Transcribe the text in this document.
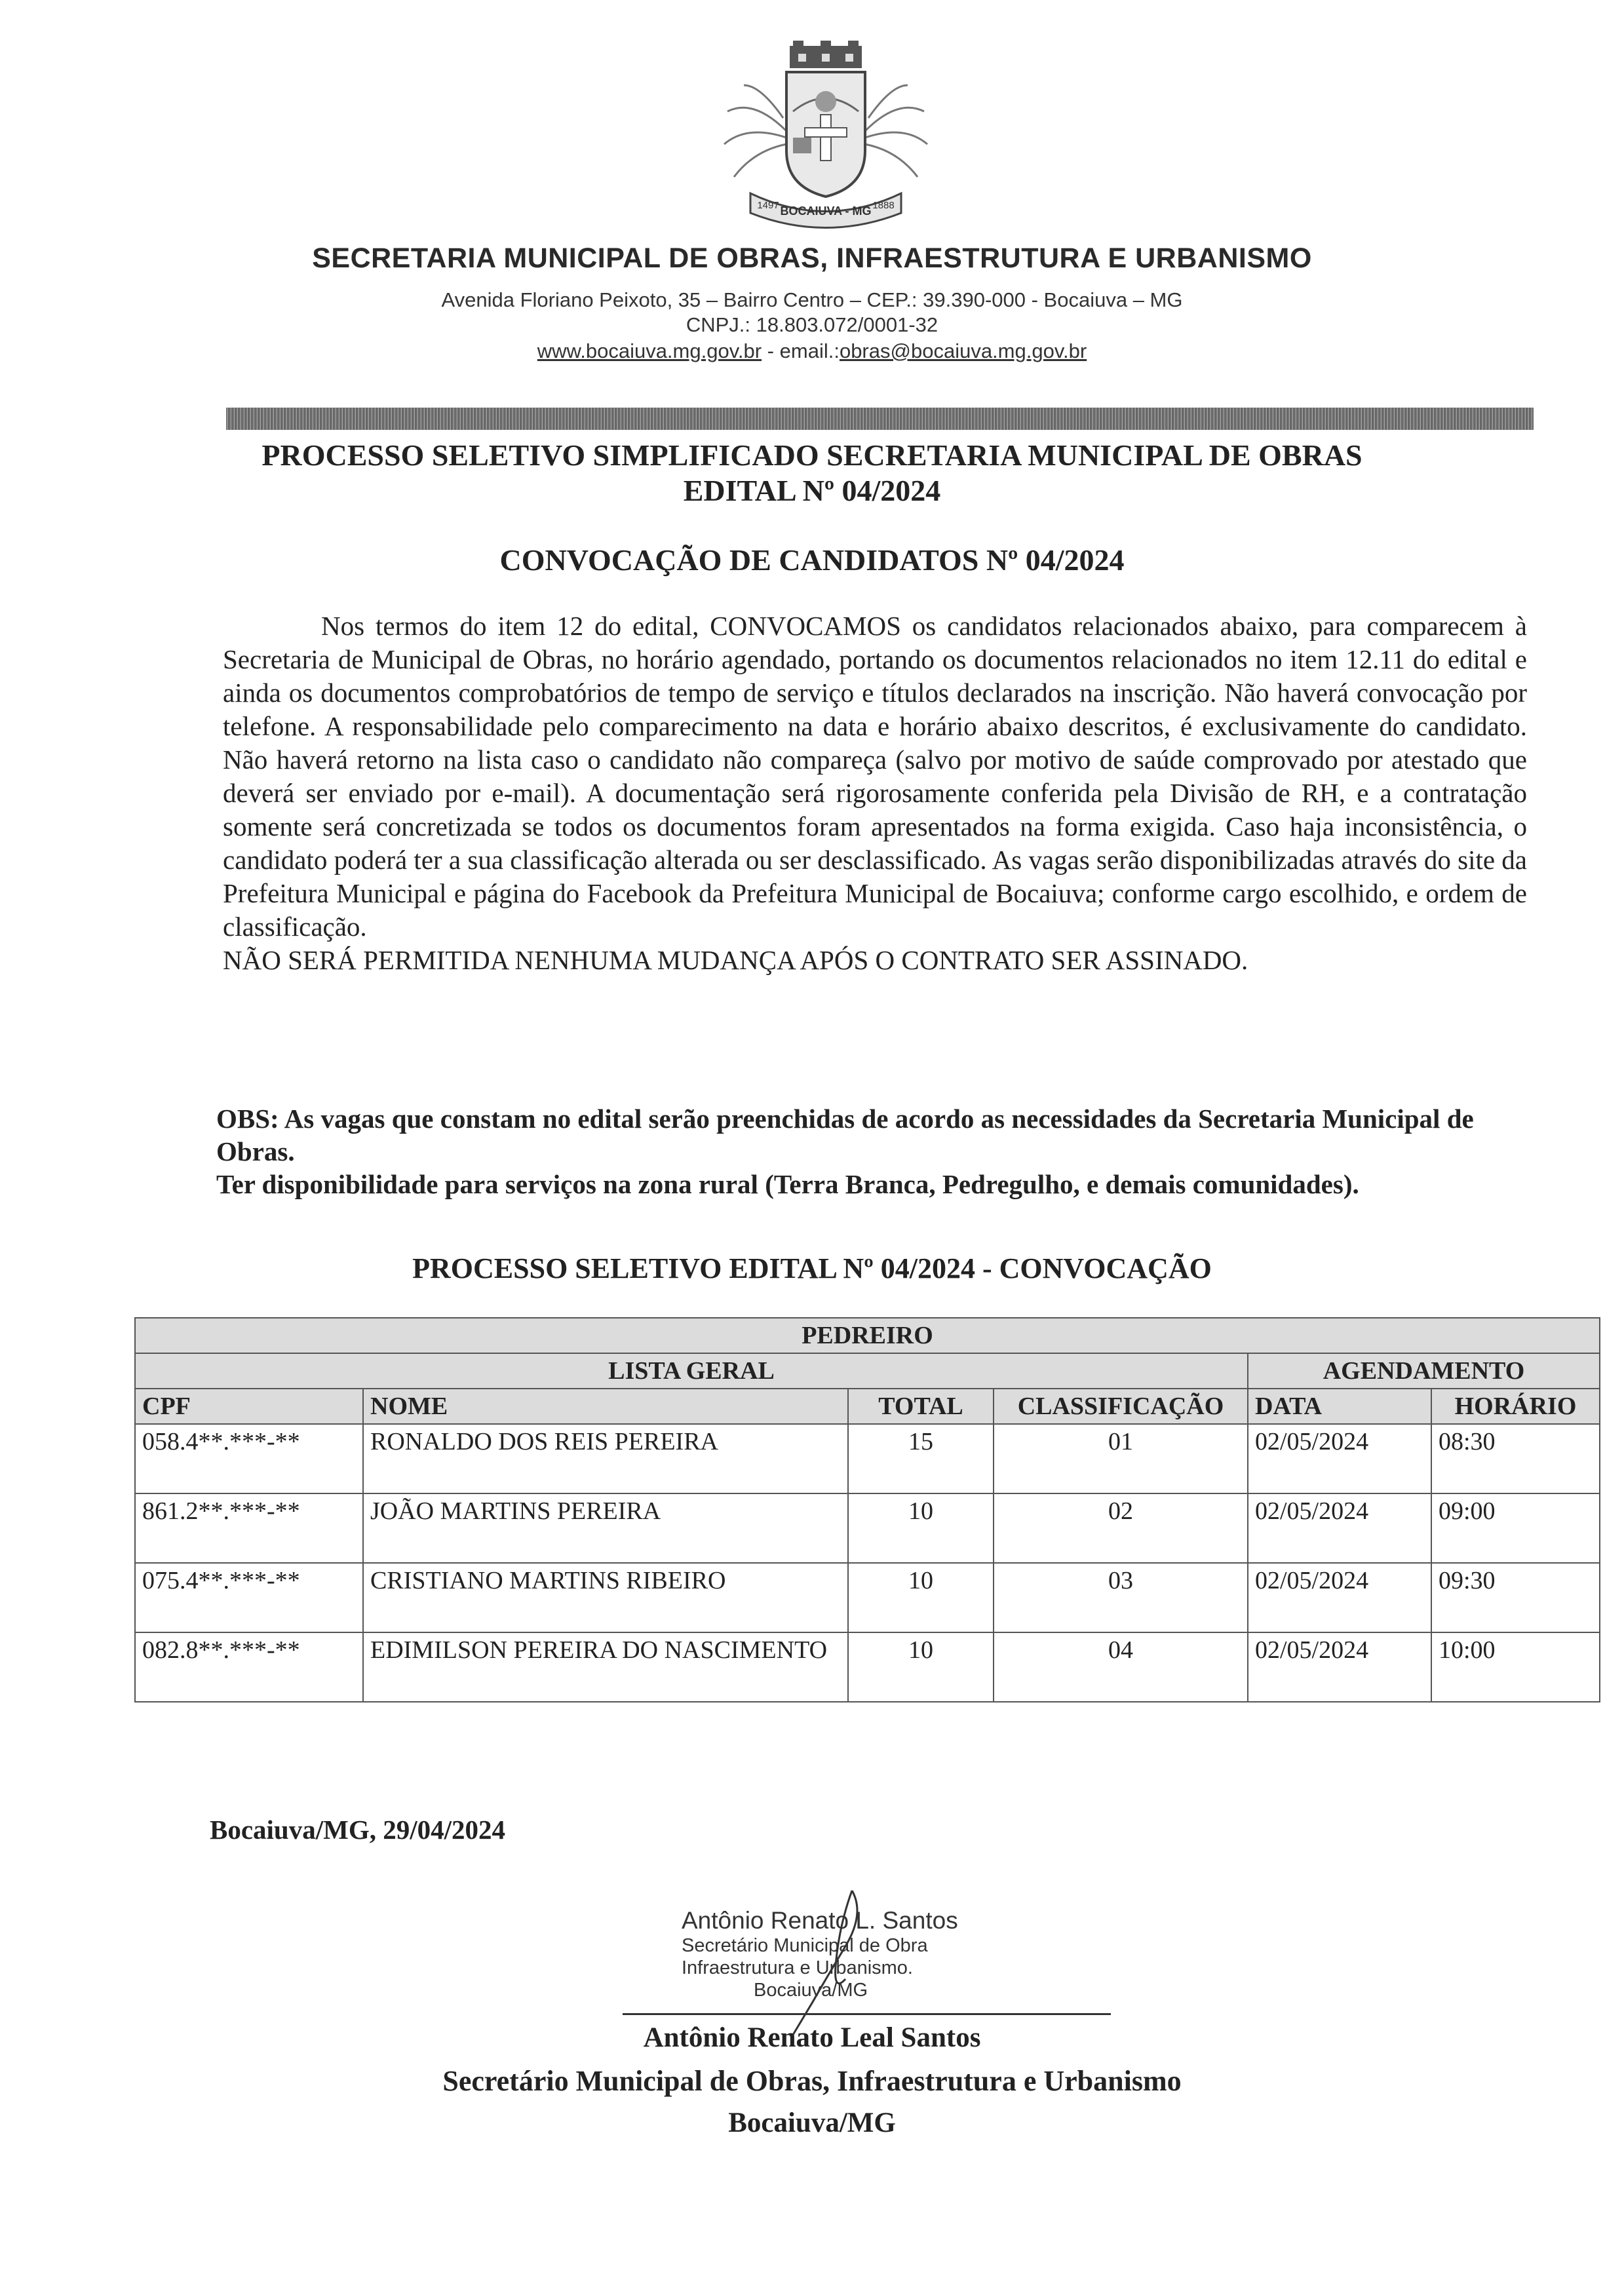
BOCAIUVA - MG
1497	1888
SECRETARIA MUNICIPAL DE OBRAS, INFRAESTRUTURA E URBANISMO
Avenida Floriano Peixoto, 35 – Bairro Centro – CEP.: 39.390-000 - Bocaiuva – MG
CNPJ.: 18.803.072/0001-32
www.bocaiuva.mg.gov.br - email.:obras@bocaiuva.mg.gov.br
PROCESSO SELETIVO SIMPLIFICADO SECRETARIA MUNICIPAL DE OBRAS
EDITAL Nº 04/2024
CONVOCAÇÃO DE CANDIDATOS Nº 04/2024

Nos termos do item 12 do edital, CONVOCAMOS os candidatos relacionados abaixo, para comparecem à Secretaria de Municipal de Obras, no horário agendado, portando os documentos relacionados no item 12.11 do edital e ainda os documentos comprobatórios de tempo de serviço e títulos declarados na inscrição. Não haverá convocação por telefone. A responsabilidade pelo comparecimento na data e horário abaixo descritos, é exclusivamente do candidato. Não haverá retorno na lista caso o candidato não compareça (salvo por motivo de saúde comprovado por atestado que deverá ser enviado por e-mail). A documentação será rigorosamente conferida pela Divisão de RH, e a contratação somente será concretizada se todos os documentos foram apresentados na forma exigida. Caso haja inconsistência, o candidato poderá ter a sua classificação alterada ou ser desclassificado. As vagas serão disponibilizadas através do site da Prefeitura Municipal e página do Facebook da Prefeitura Municipal de Bocaiuva; conforme cargo escolhido, e ordem de classificação.

NÃO SERÁ PERMITIDA NENHUMA MUDANÇA APÓS O CONTRATO SER ASSINADO.

OBS: As vagas que constam no edital serão preenchidas de acordo as necessidades da Secretaria Municipal de Obras.

Ter disponibilidade para serviços na zona rural (Terra Branca, Pedregulho, e demais comunidades).

PROCESSO SELETIVO EDITAL Nº 04/2024 - CONVOCAÇÃO
PEDREIRO					
LISTA GERAL				AGENDAMENTO	
CPF	NOME	TOTAL	CLASSIFICAÇÃO	DATA	HORÁRIO
058.4**.***-**	RONALDO DOS REIS PEREIRA	15	01	02/05/2024	08:30
861.2**.***-**	JOÃO MARTINS PEREIRA	10	02	02/05/2024	09:00
075.4**.***-**	CRISTIANO MARTINS RIBEIRO	10	03	02/05/2024	09:30
082.8**.***-**	EDIMILSON PEREIRA DO NASCIMENTO	10	04	02/05/2024	10:00
Bocaiuva/MG, 29/04/2024
Antônio Renato L. Santos
Secretário Municipal de Obra
Infraestrutura e Urbanismo.
Bocaiuva/MG
Antônio Renato Leal Santos
Secretário Municipal de Obras, Infraestrutura e Urbanismo
Bocaiuva/MG
